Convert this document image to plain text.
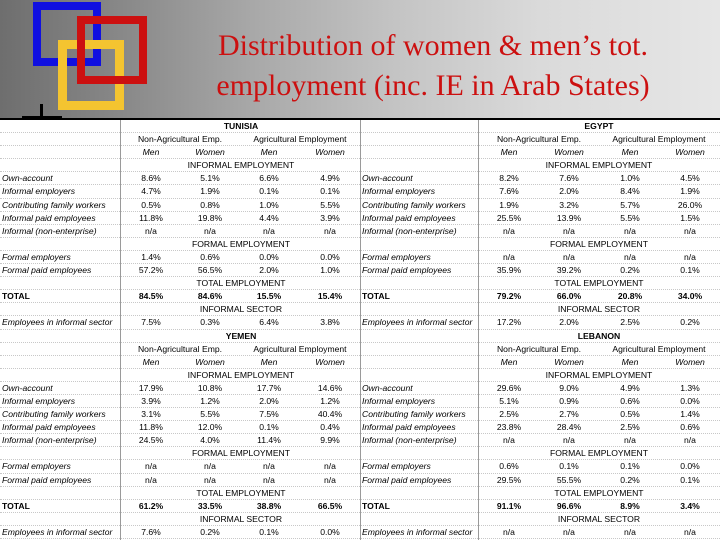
Distribution of women & men’s tot.
employment (inc. IE in Arab States)
TUNISIA	EGYPT
Non-Agricultural Emp.	Agricultural Employment	Non-Agricultural Emp.	Agricultural Employment
Men	Women	Men	Women	Men	Women	Men	Women
INFORMAL EMPLOYMENT	INFORMAL EMPLOYMENT
Own-account	8.6%	5.1%	6.6%	4.9%	Own-account	8.2%	7.6%	1.0%	4.5%
Informal employers	4.7%	1.9%	0.1%	0.1%	Informal employers	7.6%	2.0%	8.4%	1.9%
Contributing family workers	0.5%	0.8%	1.0%	5.5%	Contributing family workers	1.9%	3.2%	5.7%	26.0%
Informal paid employees	11.8%	19.8%	4.4%	3.9%	Informal paid employees	25.5%	13.9%	5.5%	1.5%
Informal (non-enterprise)	n/a	n/a	n/a	n/a	Informal (non-enterprise)	n/a	n/a	n/a	n/a
FORMAL EMPLOYMENT	FORMAL EMPLOYMENT
Formal employers	1.4%	0.6%	0.0%	0.0%	Formal employers	n/a	n/a	n/a	n/a
Formal paid employees	57.2%	56.5%	2.0%	1.0%	Formal paid employees	35.9%	39.2%	0.2%	0.1%
TOTAL EMPLOYMENT	TOTAL EMPLOYMENT
TOTAL	84.5%	84.6%	15.5%	15.4%	TOTAL	79.2%	66.0%	20.8%	34.0%
INFORMAL SECTOR	INFORMAL SECTOR
Employees in informal sector	7.5%	0.3%	6.4%	3.8%	Employees in informal sector	17.2%	2.0%	2.5%	0.2%
YEMEN	LEBANON
Non-Agricultural Emp.	Agricultural Employment	Non-Agricultural Emp.	Agricultural Employment
Men	Women	Men	Women	Men	Women	Men	Women
INFORMAL EMPLOYMENT	INFORMAL EMPLOYMENT
Own-account	17.9%	10.8%	17.7%	14.6%	Own-account	29.6%	9.0%	4.9%	1.3%
Informal employers	3.9%	1.2%	2.0%	1.2%	Informal employers	5.1%	0.9%	0.6%	0.0%
Contributing family workers	3.1%	5.5%	7.5%	40.4%	Contributing family workers	2.5%	2.7%	0.5%	1.4%
Informal paid employees	11.8%	12.0%	0.1%	0.4%	Informal paid employees	23.8%	28.4%	2.5%	0.6%
Informal (non-enterprise)	24.5%	4.0%	11.4%	9.9%	Informal (non-enterprise)	n/a	n/a	n/a	n/a
FORMAL EMPLOYMENT	FORMAL EMPLOYMENT
Formal employers	n/a	n/a	n/a	n/a	Formal employers	0.6%	0.1%	0.1%	0.0%
Formal paid employees	n/a	n/a	n/a	n/a	Formal paid employees	29.5%	55.5%	0.2%	0.1%
TOTAL EMPLOYMENT	TOTAL EMPLOYMENT
TOTAL	61.2%	33.5%	38.8%	66.5%	TOTAL	91.1%	96.6%	8.9%	3.4%
INFORMAL SECTOR	INFORMAL SECTOR
Employees in informal sector	7.6%	0.2%	0.1%	0.0%	Employees in informal sector	n/a	n/a	n/a	n/a
